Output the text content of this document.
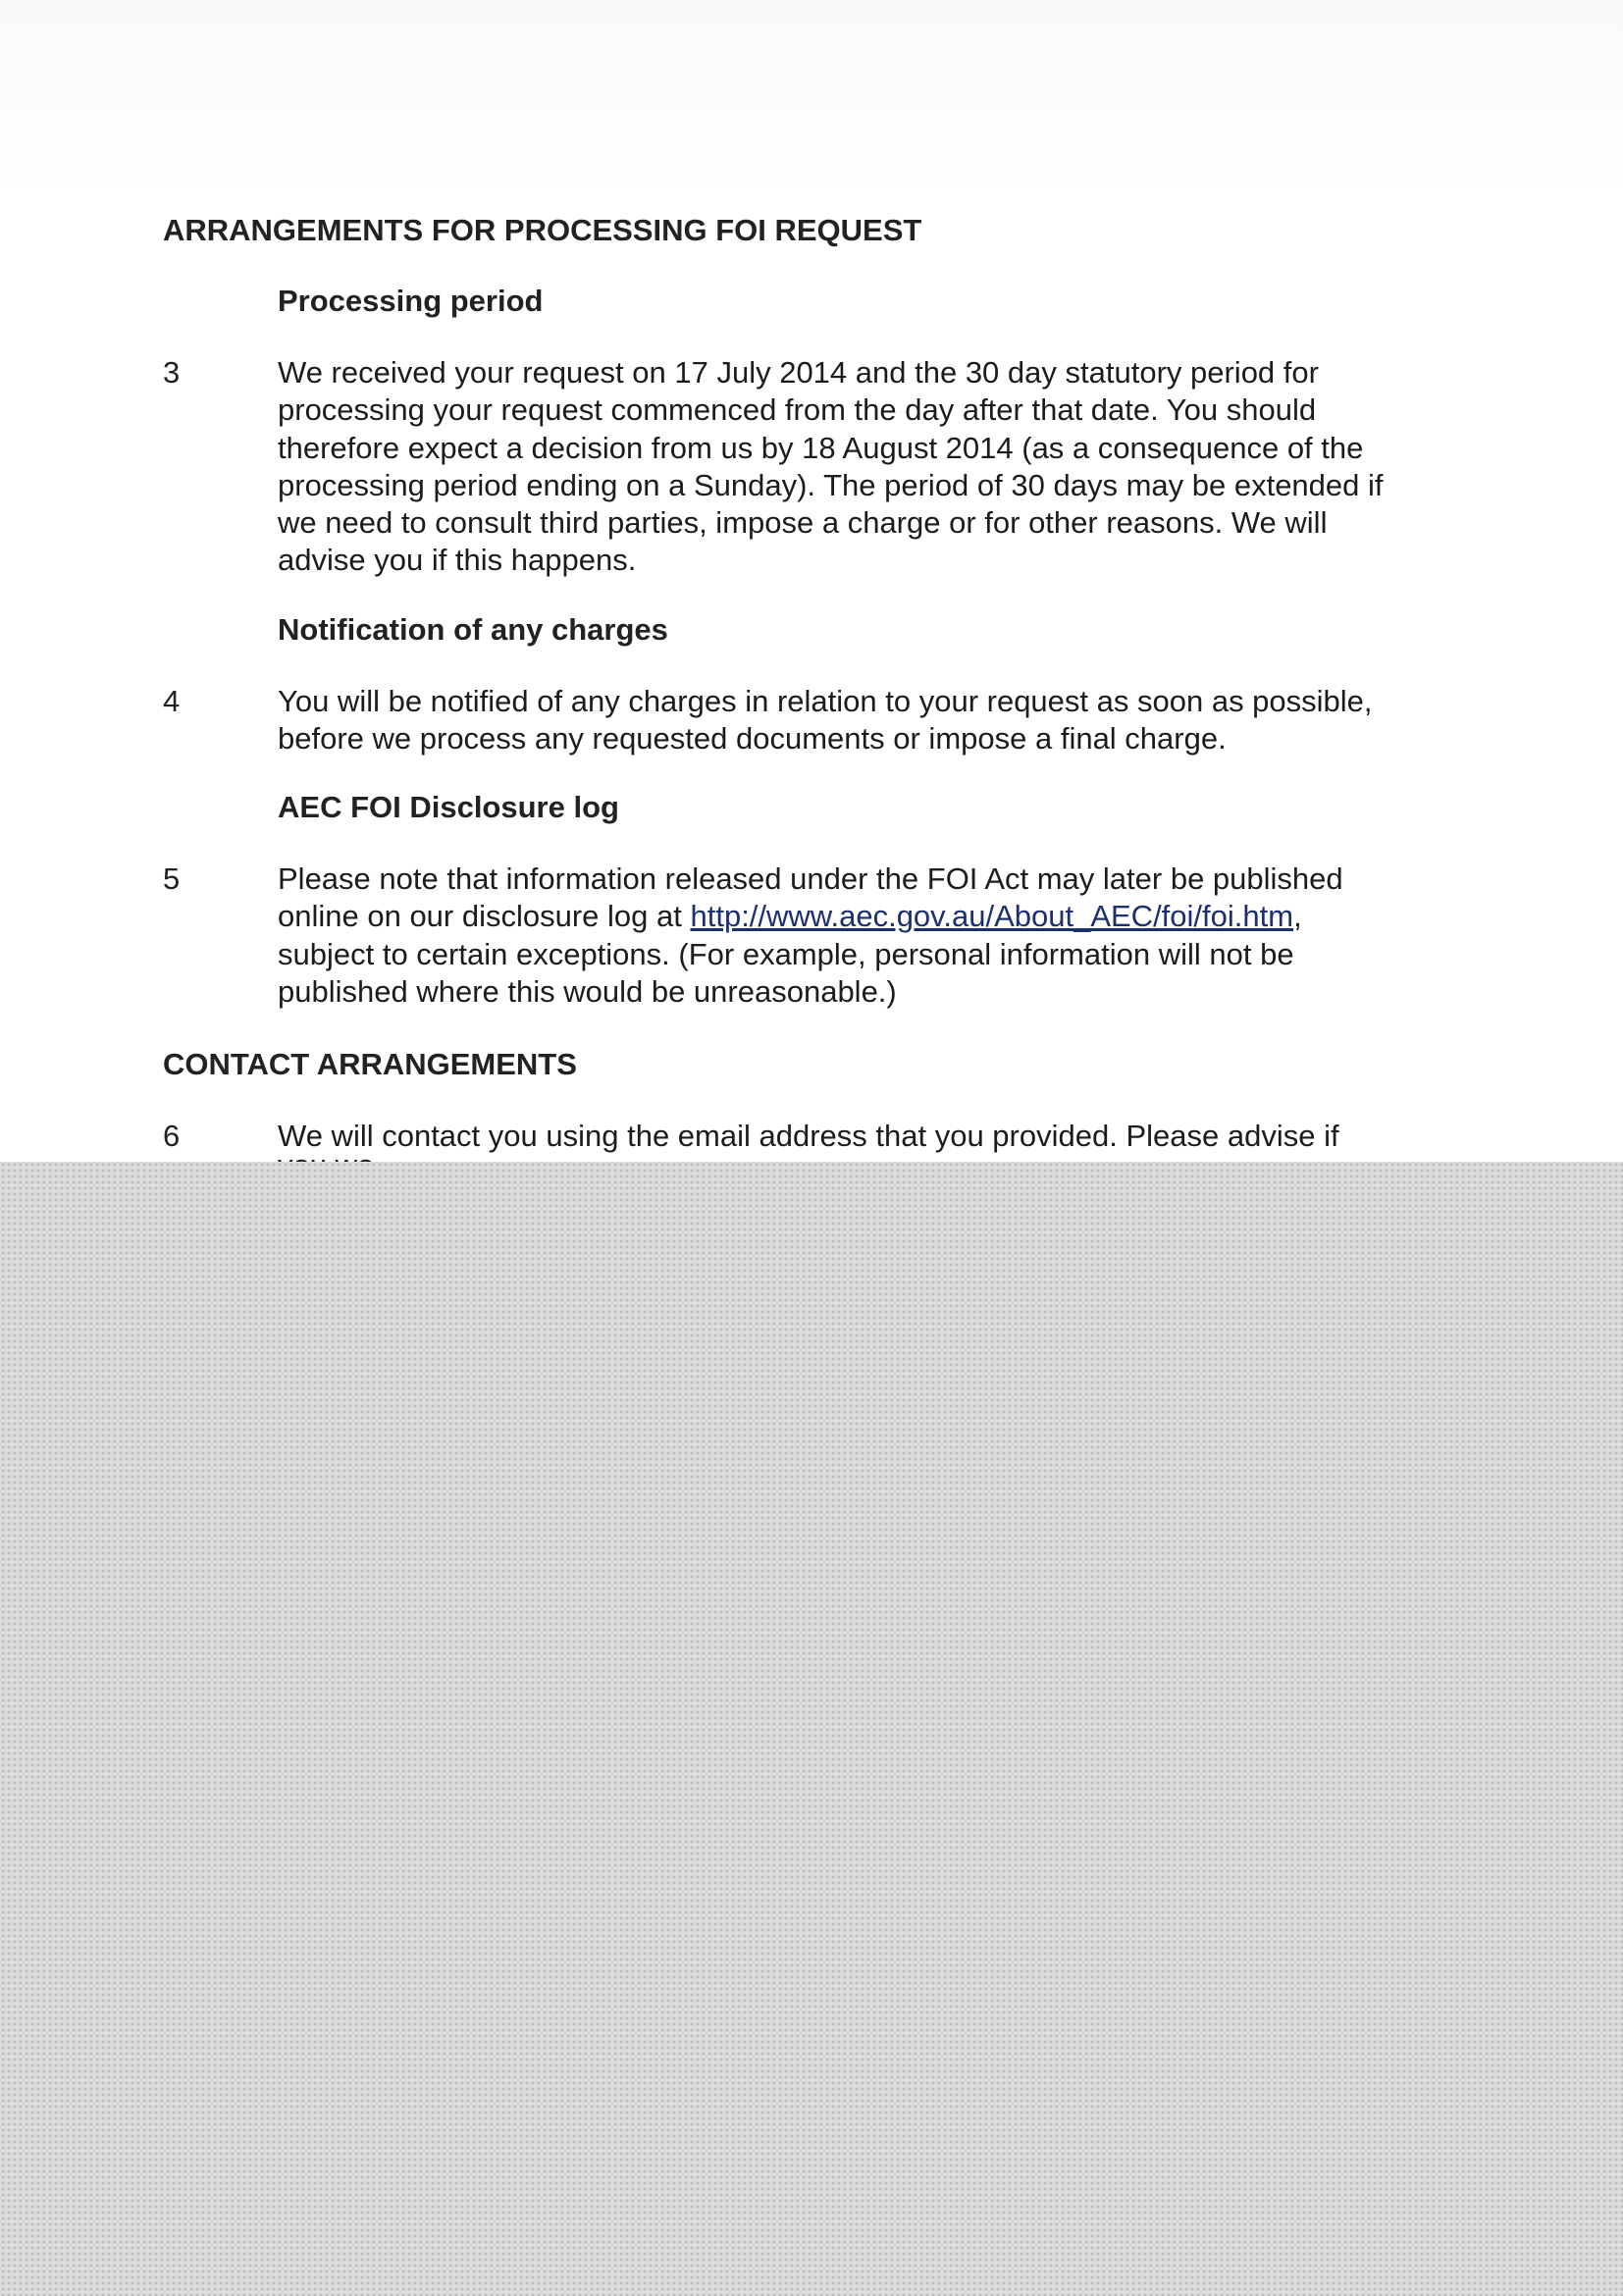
ARRANGEMENTS FOR PROCESSING FOI REQUEST
Processing period
3	We received your request on 17 July 2014 and the 30 day statutory period for
processing your request commenced from the day after that date. You should
therefore expect a decision from us by 18 August 2014 (as a consequence of the
processing period ending on a Sunday). The period of 30 days may be extended if
we need to consult third parties, impose a charge or for other reasons. We will
advise you if this happens.

Notification of any charges
4	You will be notified of any charges in relation to your request as soon as possible,
before we process any requested documents or impose a final charge.

AEC FOI Disclosure log
5	Please note that information released under the FOI Act may later be published
online on our disclosure log at http://www.aec.gov.au/About_AEC/foi/foi.htm,
subject to certain exceptions. (For example, personal information will not be
published where this would be unreasonable.)

CONTACT ARRANGEMENTS
6	We will contact you using the email address that you provided. Please advise if
